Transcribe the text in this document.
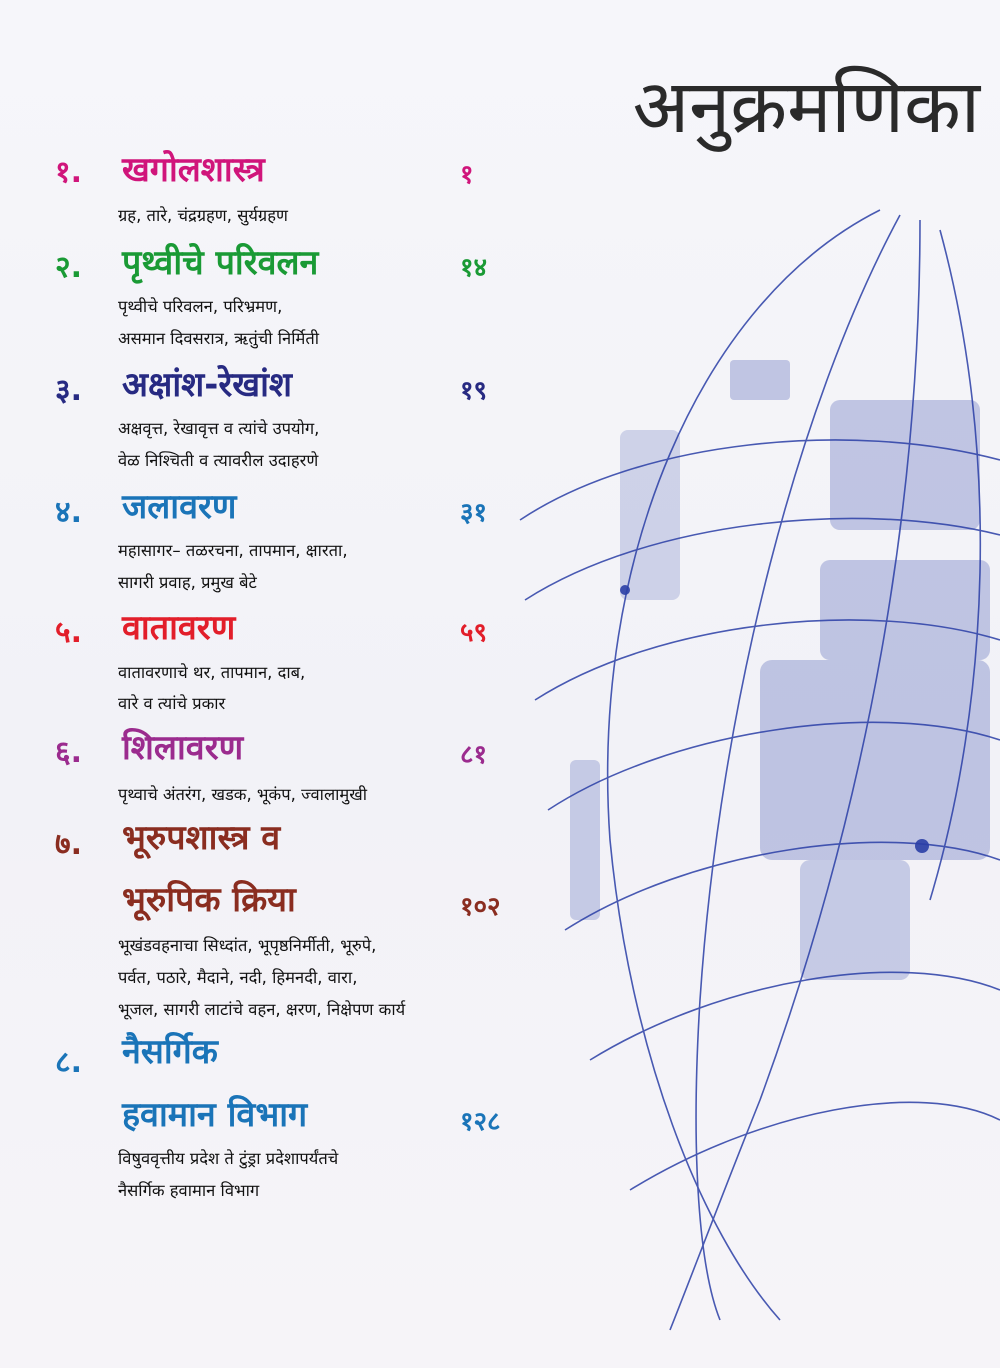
अनुक्रमणिका
१. खगोलशास्त्र	१
ग्रह, तारे, चंद्रग्रहण, सुर्यग्रहण
२. पृथ्वीचे परिवलन	१४
पृथ्वीचे परिवलन, परिभ्रमण,
असमान दिवसरात्र, ऋतुंची निर्मिती
३. अक्षांश-रेखांश	१९
अक्षवृत्त, रेखावृत्त व त्यांचे उपयोग,
वेळ निश्चिती व त्यावरील उदाहरणे
४. जलावरण	३१
महासागर– तळरचना, तापमान, क्षारता,
सागरी प्रवाह, प्रमुख बेटे
५. वातावरण	५९
वातावरणाचे थर, तापमान, दाब,
वारे व त्यांचे प्रकार
६. शिलावरण	८१
पृथ्वाचे अंतरंग, खडक, भूकंप, ज्वालामुखी
७. भूरुपशास्त्र व
भूरुपिक क्रिया	१०२
भूखंडवहनाचा सिध्दांत, भूपृष्ठनिर्मीती, भूरुपे,
पर्वत, पठारे, मैदाने, नदी, हिमनदी, वारा,
भूजल, सागरी लाटांचे वहन, क्षरण, निक्षेपण कार्य
८. नैसर्गिक
हवामान विभाग	१२८
विषुववृत्तीय प्रदेश ते टुंड्रा प्रदेशापर्यंतचे
नैसर्गिक हवामान विभाग
